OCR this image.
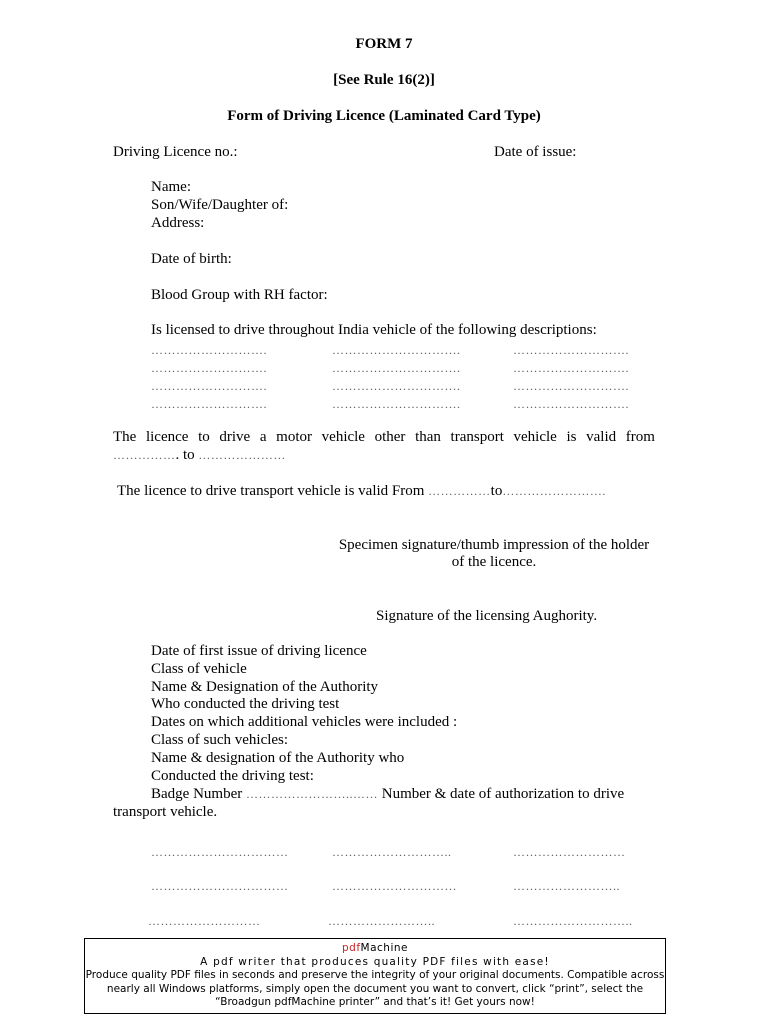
FORM 7
[See Rule 16(2)]
Form of Driving Licence (Laminated Card Type)
Driving Licence no.:	Date of issue:
Name:
Son/Wife/Daughter of:
Address:
Date of birth:
Blood Group with RH factor:
Is licensed to drive throughout India vehicle of the following descriptions:
……………………….	………………………….	……………………….
……………………….	………………………….	……………………….
……………………….	………………………….	……………………….
……………………….	………………………….	……………………….
The licence to drive a motor vehicle other than transport vehicle is valid from
……………. to …………………
The licence to drive transport vehicle is valid From ……………to…………………….
Specimen signature/thumb impression of the holder
of the licence.
Signature of the licensing Aughority.
Date of first issue of driving licence
Class of vehicle
Name & Designation of the Authority
Who conducted the driving test
Dates on which additional vehicles were included :
Class of such vehicles:
Name & designation of the Authority who
Conducted the driving test:
Badge Number ……………………..…… Number & date of authorization to drive
transport vehicle.
……………………………	………………………..	………………………
……………………………	…………………………	……………………..
………………………	……………………..	………………………..
pdfMachine
A pdf writer that produces quality PDF files with ease!
Produce quality PDF files in seconds and preserve the integrity of your original documents. Compatible across
nearly all Windows platforms, simply open the document you want to convert, click “print”, select the
“Broadgun pdfMachine printer” and that’s it! Get yours now!
